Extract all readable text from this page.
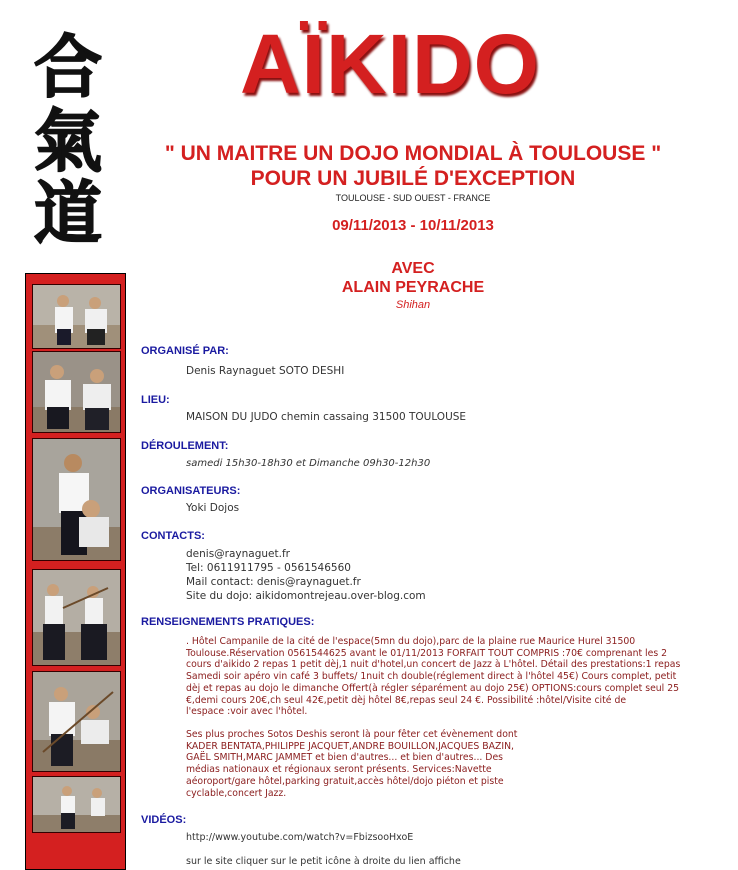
合
氣
道
AÏKIDO
" UN MAITRE UN DOJO MONDIAL À TOULOUSE "
POUR UN JUBILÉ D'EXCEPTION
TOULOUSE - SUD OUEST - FRANCE
09/11/2013 - 10/11/2013
AVEC
ALAIN PEYRACHE
Shihan
ORGANISÉ PAR:
Denis Raynaguet SOTO DESHI
LIEU:
MAISON DU JUDO chemin cassaing 31500 TOULOUSE
DÉROULEMENT:
samedi 15h30-18h30 et Dimanche 09h30-12h30
ORGANISATEURS:
Yoki Dojos
CONTACTS:
denis@raynaguet.fr
Tel: 0611911795 - 0561546560
Mail contact: denis@raynaguet.fr
Site du dojo: aikidomontrejeau.over-blog.com
RENSEIGNEMENTS PRATIQUES:
. Hôtel Campanile de la cité de l'espace(5mn du dojo),parc de la plaine rue Maurice Hurel 31500
Toulouse.Réservation 0561544625 avant le 01/11/2013 FORFAIT TOUT COMPRIS :70€ comprenant les 2
cours d'aikido 2 repas 1 petit dèj,1 nuit d'hotel,un concert de Jazz à L'hôtel. Détail des prestations:1 repas
Samedi soir apéro vin café 3 buffets/ 1nuit ch double(réglement direct à l'hôtel 45€) Cours complet, petit
dèj et repas au dojo le dimanche Offert(à régler séparément au dojo 25€) OPTIONS:cours complet seul 25
€,demi cours 20€,ch seul 42€,petit dèj hôtel 8€,repas seul 24 €. Possibilité :hôtel/Visite cité de
l'espace :voir avec l'hôtel.
Ses plus proches Sotos Deshis seront là pour fêter cet évènement dont
KADER BENTATA,PHILIPPE JACQUET,ANDRE BOUILLON,JACQUES BAZIN,
GAËL SMITH,MARC JAMMET et bien d'autres... et bien d'autres... Des
médias nationaux et régionaux seront présents. Services:Navette
aéoroport/gare hôtel,parking gratuit,accès hôtel/dojo piéton et piste
cyclable,concert Jazz.
VIDÉOS:
http://www.youtube.com/watch?v=FbizsooHxoE
sur le site cliquer sur le petit icône à droite du lien affiche
